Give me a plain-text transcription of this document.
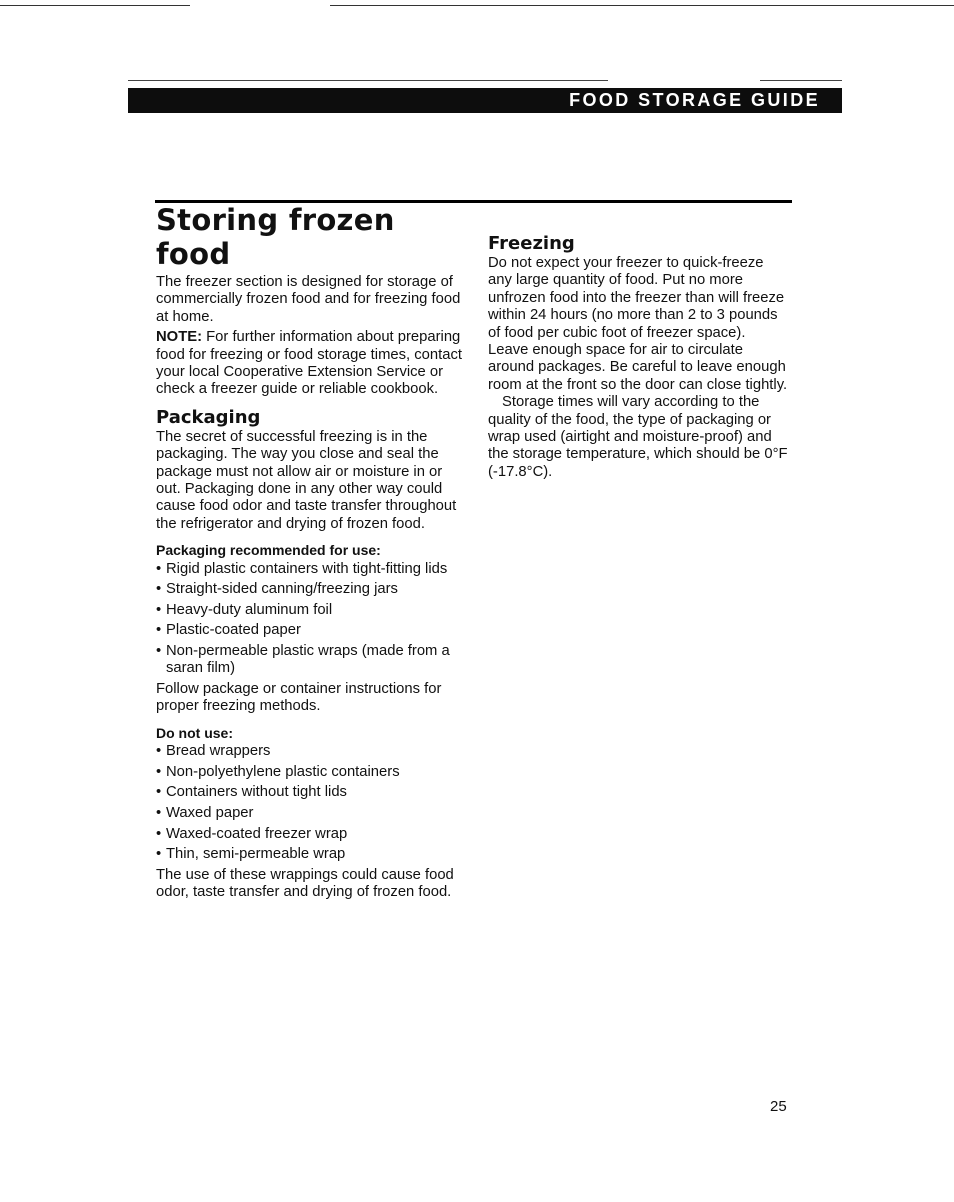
FOOD STORAGE GUIDE
Storing frozen food

The freezer section is designed for storage of commercially frozen food and for freezing food at home.

NOTE: For further information about preparing food for freezing or food storage times, contact your local Cooperative Extension Service or check a freezer guide or reliable cookbook.

Packaging

The secret of successful freezing is in the packaging. The way you close and seal the package must not allow air or moisture in or out. Packaging done in any other way could cause food odor and taste transfer throughout the refrigerator and drying of frozen food.

Packaging recommended for use:

• Rigid plastic containers with tight-fitting lids
• Straight-sided canning/freezing jars
• Heavy-duty aluminum foil
• Plastic-coated paper
• Non-permeable plastic wraps (made from a saran film)

Follow package or container instructions for proper freezing methods.

Do not use:

• Bread wrappers
• Non-polyethylene plastic containers
• Containers without tight lids
• Waxed paper
• Waxed-coated freezer wrap
• Thin, semi-permeable wrap

The use of these wrappings could cause food odor, taste transfer and drying of frozen food.

Freezing

Do not expect your freezer to quick-freeze any large quantity of food. Put no more unfrozen food into the freezer than will freeze within 24 hours (no more than 2 to 3 pounds of food per cubic foot of freezer space). Leave enough space for air to circulate around packages. Be careful to leave enough room at the front so the door can close tightly.

Storage times will vary according to the quality of the food, the type of packaging or wrap used (airtight and moisture-proof) and the storage temperature, which should be 0°F (-17.8°C).

25
